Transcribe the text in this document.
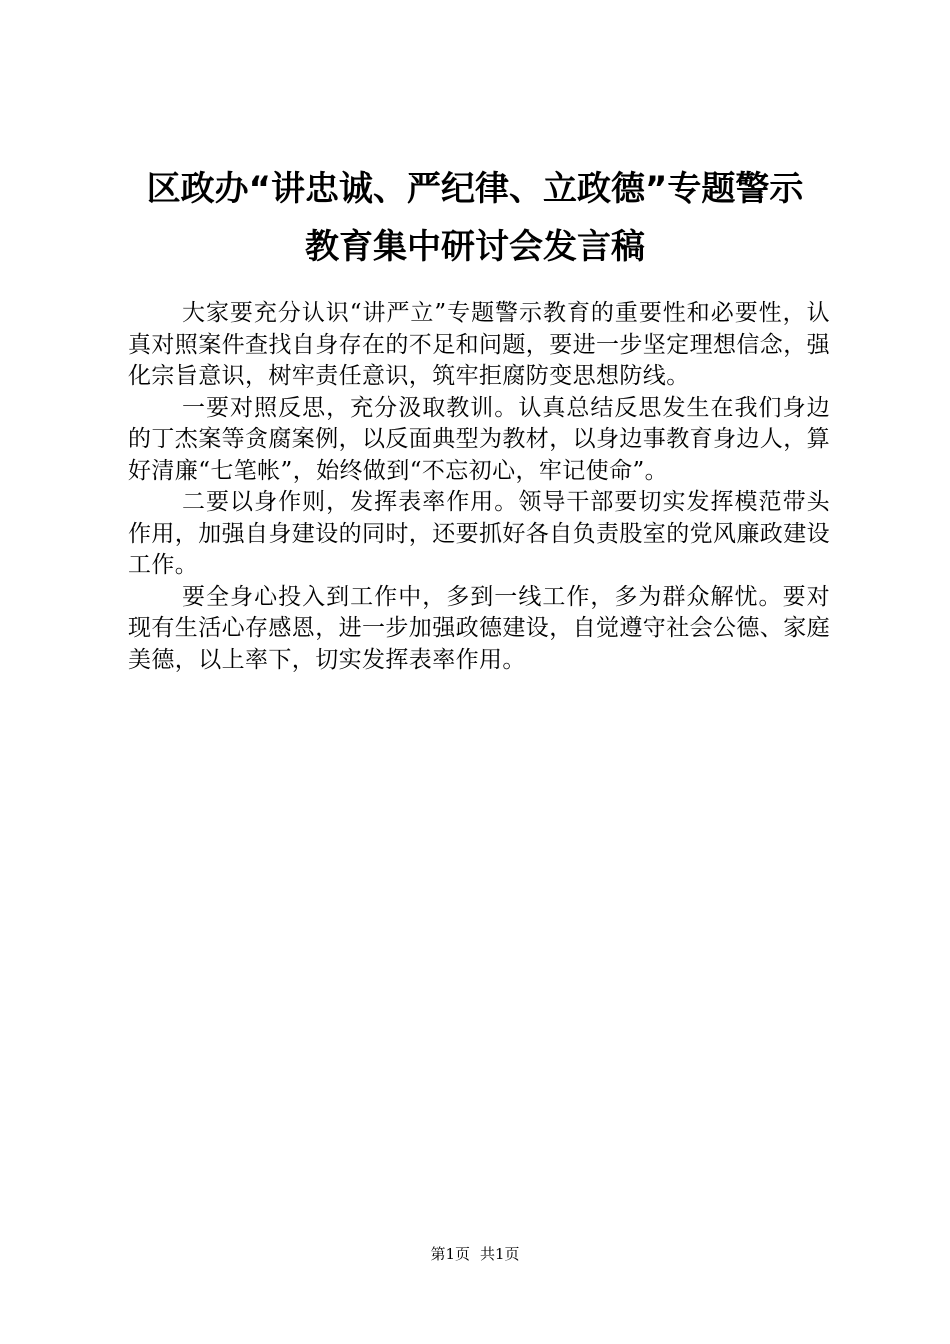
区政办“讲忠诚、严纪律、立政德”专题警示
教育集中研讨会发言稿

大家要充分认识“讲严立”专题警示教育的重要性和必要性，认真对照案件查找自身存在的不足和问题，要进一步坚定理想信念，强化宗旨意识，树牢责任意识，筑牢拒腐防变思想防线。

一要对照反思，充分汲取教训。认真总结反思发生在我们身边的丁杰案等贪腐案例，以反面典型为教材，以身边事教育身边人，算好清廉“七笔帐”，始终做到“不忘初心，牢记使命”。

二要以身作则，发挥表率作用。领导干部要切实发挥模范带头作用，加强自身建设的同时，还要抓好各自负责股室的党风廉政建设工作。

要全身心投入到工作中，多到一线工作，多为群众解忧。要对现有生活心存感恩，进一步加强政德建设，自觉遵守社会公德、家庭美德，以上率下，切实发挥表率作用。

第1页 共1页
